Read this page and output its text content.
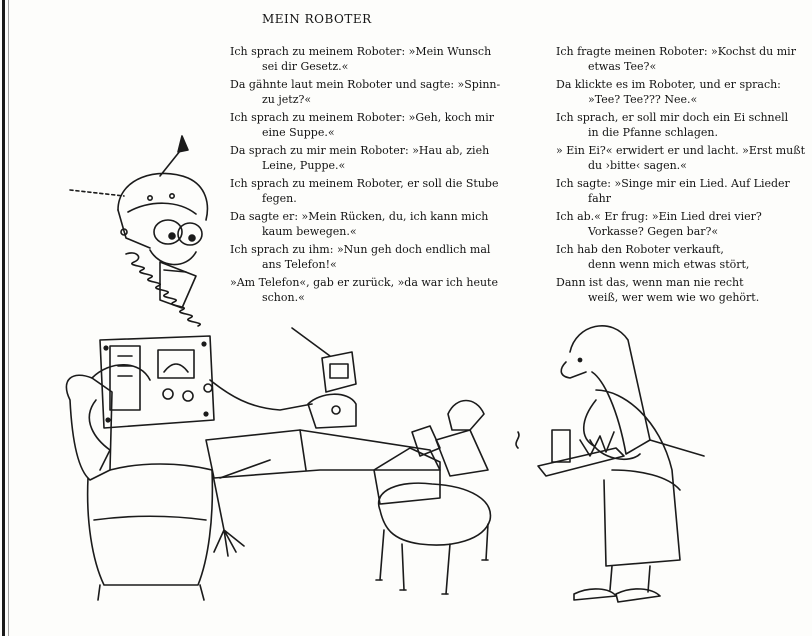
MEIN ROBOTER
Ich sprach zu meinem Roboter: »Mein Wunsch
sei dir Gesetz.«
Da gähnte laut mein Roboter und sagte: »Spinn-
zu jetz?«
Ich sprach zu meinem Roboter: »Geh, koch mir
eine Suppe.«
Da sprach zu mir mein Roboter: »Hau ab, zieh
Leine, Puppe.«
Ich sprach zu meinem Roboter, er soll die Stube
fegen.
Da sagte er: »Mein Rücken, du, ich kann mich
kaum bewegen.«
Ich sprach zu ihm: »Nun geh doch endlich mal
ans Telefon!«
»Am Telefon«, gab er zurück, »da war ich heute
schon.«
Ich fragte meinen Roboter: »Kochst du mir
etwas Tee?«
Da klickte es im Roboter, und er sprach:
»Tee? Tee??? Nee.«
Ich sprach, er soll mir doch ein Ei schnell
in die Pfanne schlagen.
» Ein Ei?« erwidert er und lacht. »Erst mußt
du ›bitte‹ sagen.«
Ich sagte: »Singe mir ein Lied. Auf Lieder
fahr
Ich ab.« Er frug: »Ein Lied drei vier?
Vorkasse? Gegen bar?«
Ich hab den Roboter verkauft,
denn wenn mich etwas stört,
Dann ist das, wenn man nie recht
weiß, wer wem wie wo gehört.
